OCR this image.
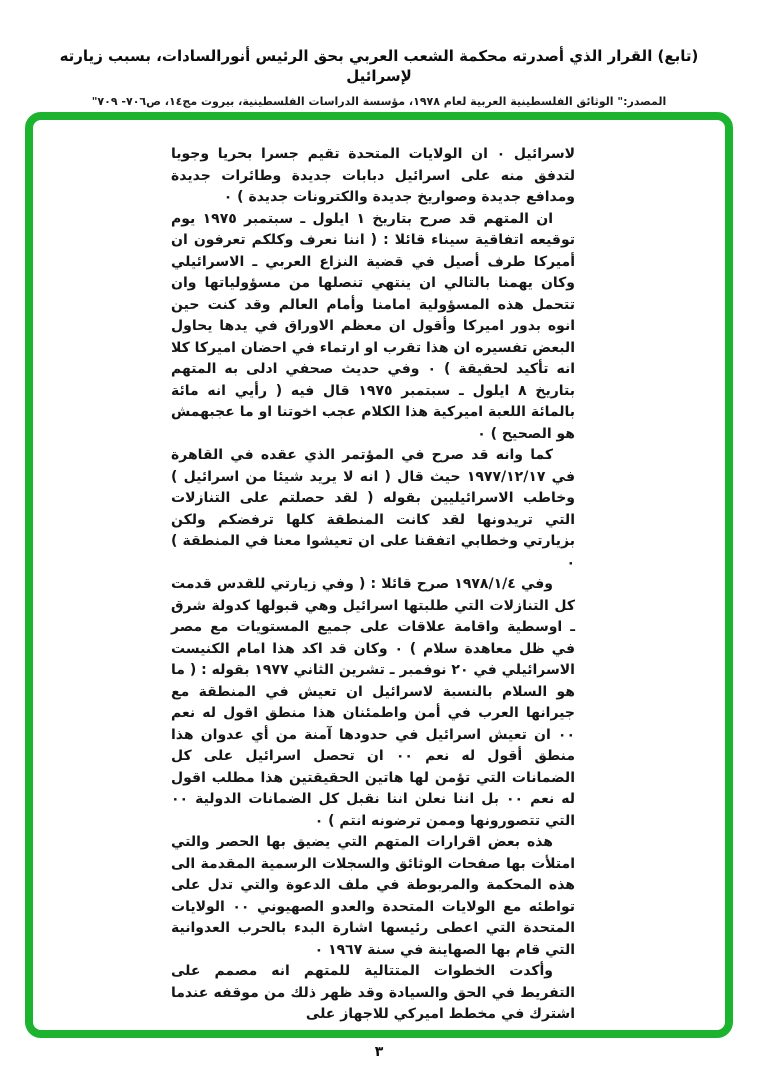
(تابع) القرار الذي أصدرته محكمة الشعب العربي بحق الرئيس أنورالسادات، بسبب زيارته لإسرائيل
المصدر:" الوثائق الفلسطينية العربية لعام ١٩٧٨، مؤسسة الدراسات الفلسطينية، بيروت مج١٤، ص٧٠٦- ٧٠٩"

لاسرائيل ٠ ان الولايات المتحدة تقيم جسرا بحريا وجويا لتدفق منه على اسرائيل دبابات جديدة وطائرات جديدة ومدافع جديدة وصواريخ جديدة والكترونات جديدة ) ٠

ان المتهم قد صرح بتاريخ ١ ايلول ـ سبتمبر ١٩٧٥ يوم توقيعه اتفاقية سيناء قائلا : ( اننا نعرف وكلكم تعرفون ان أميركا طرف أصيل في قضية النزاع العربي ـ الاسرائيلي وكان يهمنا بالتالي ان ينتهي تنصلها من مسؤولياتها وان تتحمل هذه المسؤولية امامنا وأمام العالم وقد كنت حين انوه بدور اميركا وأقول ان معظم الاوراق في يدها يحاول البعض تفسيره ان هذا تقرب او ارتماء في احضان اميركا كلا انه تأكيد لحقيقة ) ٠ وفي حديث صحفي ادلى به المتهم بتاريخ ٨ ايلول ـ سبتمبر ١٩٧٥ قال فيه ( رأيي انه مائة بالمائة اللعبة اميركية هذا الكلام عجب اخوتنا او ما عجبهمش هو الصحيح ) ٠

كما وانه قد صرح في المؤتمر الذي عقده في القاهرة في ١٩٧٧/١٢/١٧ حيث قال ( انه لا يريد شيئا من اسرائيل ) وخاطب الاسرائيليين بقوله ( لقد حصلتم على التنازلات التي تريدونها لقد كانت المنطقة كلها ترفضكم ولكن بزيارتي وخطابي اتفقنا على ان تعيشوا معنا في المنطقة ) ٠

وفي ١٩٧٨/١/٤ صرح قائلا : ( وفي زيارتي للقدس قدمت كل التنازلات التي طلبتها اسرائيل وهي قبولها كدولة شرق ـ اوسطية واقامة علاقات على جميع المستويات مع مصر في ظل معاهدة سلام ) ٠ وكان قد اكد هذا امام الكنيست الاسرائيلي في ٢٠ نوفمبر ـ تشرين الثاني ١٩٧٧ بقوله : ( ما هو السلام بالنسبة لاسرائيل ان تعيش في المنطقة مع جيرانها العرب في أمن واطمئنان هذا منطق اقول له نعم ٠٠ ان تعيش اسرائيل في حدودها آمنة من أي عدوان هذا منطق أقول له نعم ٠٠ ان تحصل اسرائيل على كل الضمانات التي تؤمن لها هاتين الحقيقتين هذا مطلب اقول له نعم ٠٠ بل اننا نعلن اننا نقبل كل الضمانات الدولية ٠٠ التي تتصورونها وممن ترضونه انتم ) ٠

هذه بعض اقرارات المتهم التي يضيق بها الحصر والتي امتلأت بها صفحات الوثائق والسجلات الرسمية المقدمة الى هذه المحكمة والمربوطة في ملف الدعوة والتي تدل على تواطئه مع الولايات المتحدة والعدو الصهيوني ٠٠ الولايات المتحدة التي اعطى رئيسها اشارة البدء بالحرب العدوانية التي قام بها الصهاينة في سنة ١٩٦٧ ٠

وأكدت الخطوات المتتالية للمتهم انه مصمم على التفريط في الحق والسيادة وقد ظهر ذلك من موقفه عندما اشترك في مخطط اميركي للاجهاز على

٣
